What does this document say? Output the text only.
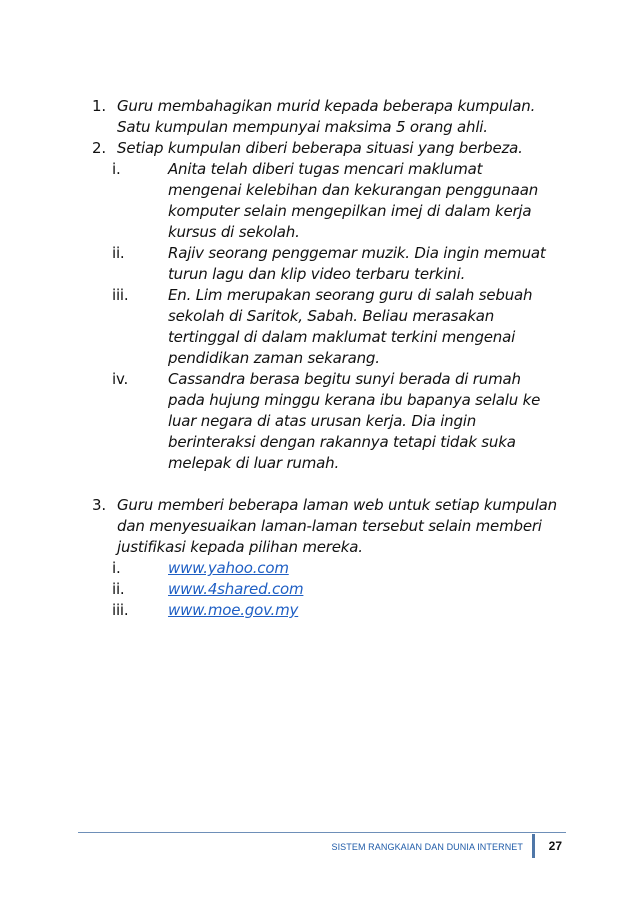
1. Guru membahagikan murid kepada beberapa kumpulan.
Satu kumpulan mempunyai maksima 5 orang ahli.
2. Setiap kumpulan diberi beberapa situasi yang berbeza.
i.	Anita telah diberi tugas mencari maklumat
mengenai kelebihan dan kekurangan penggunaan
komputer selain mengepilkan imej di dalam kerja
kursus di sekolah.
ii.	Rajiv seorang penggemar muzik. Dia ingin memuat
turun lagu dan klip video terbaru terkini.
iii.	En. Lim merupakan seorang guru di salah sebuah
sekolah di Saritok, Sabah. Beliau merasakan
tertinggal di dalam maklumat terkini mengenai
pendidikan zaman sekarang.
iv.	Cassandra berasa begitu sunyi berada di rumah
pada hujung minggu kerana ibu bapanya selalu ke
luar negara di atas urusan kerja. Dia ingin
berinteraksi dengan rakannya tetapi tidak suka
melepak di luar rumah.
3. Guru memberi beberapa laman web untuk setiap kumpulan
dan menyesuaikan laman-laman tersebut selain memberi
justifikasi kepada pilihan mereka.
i.	www.yahoo.com
ii.	www.4shared.com
iii.	www.moe.gov.my
SISTEM RANGKAIAN DAN DUNIA INTERNET 27
